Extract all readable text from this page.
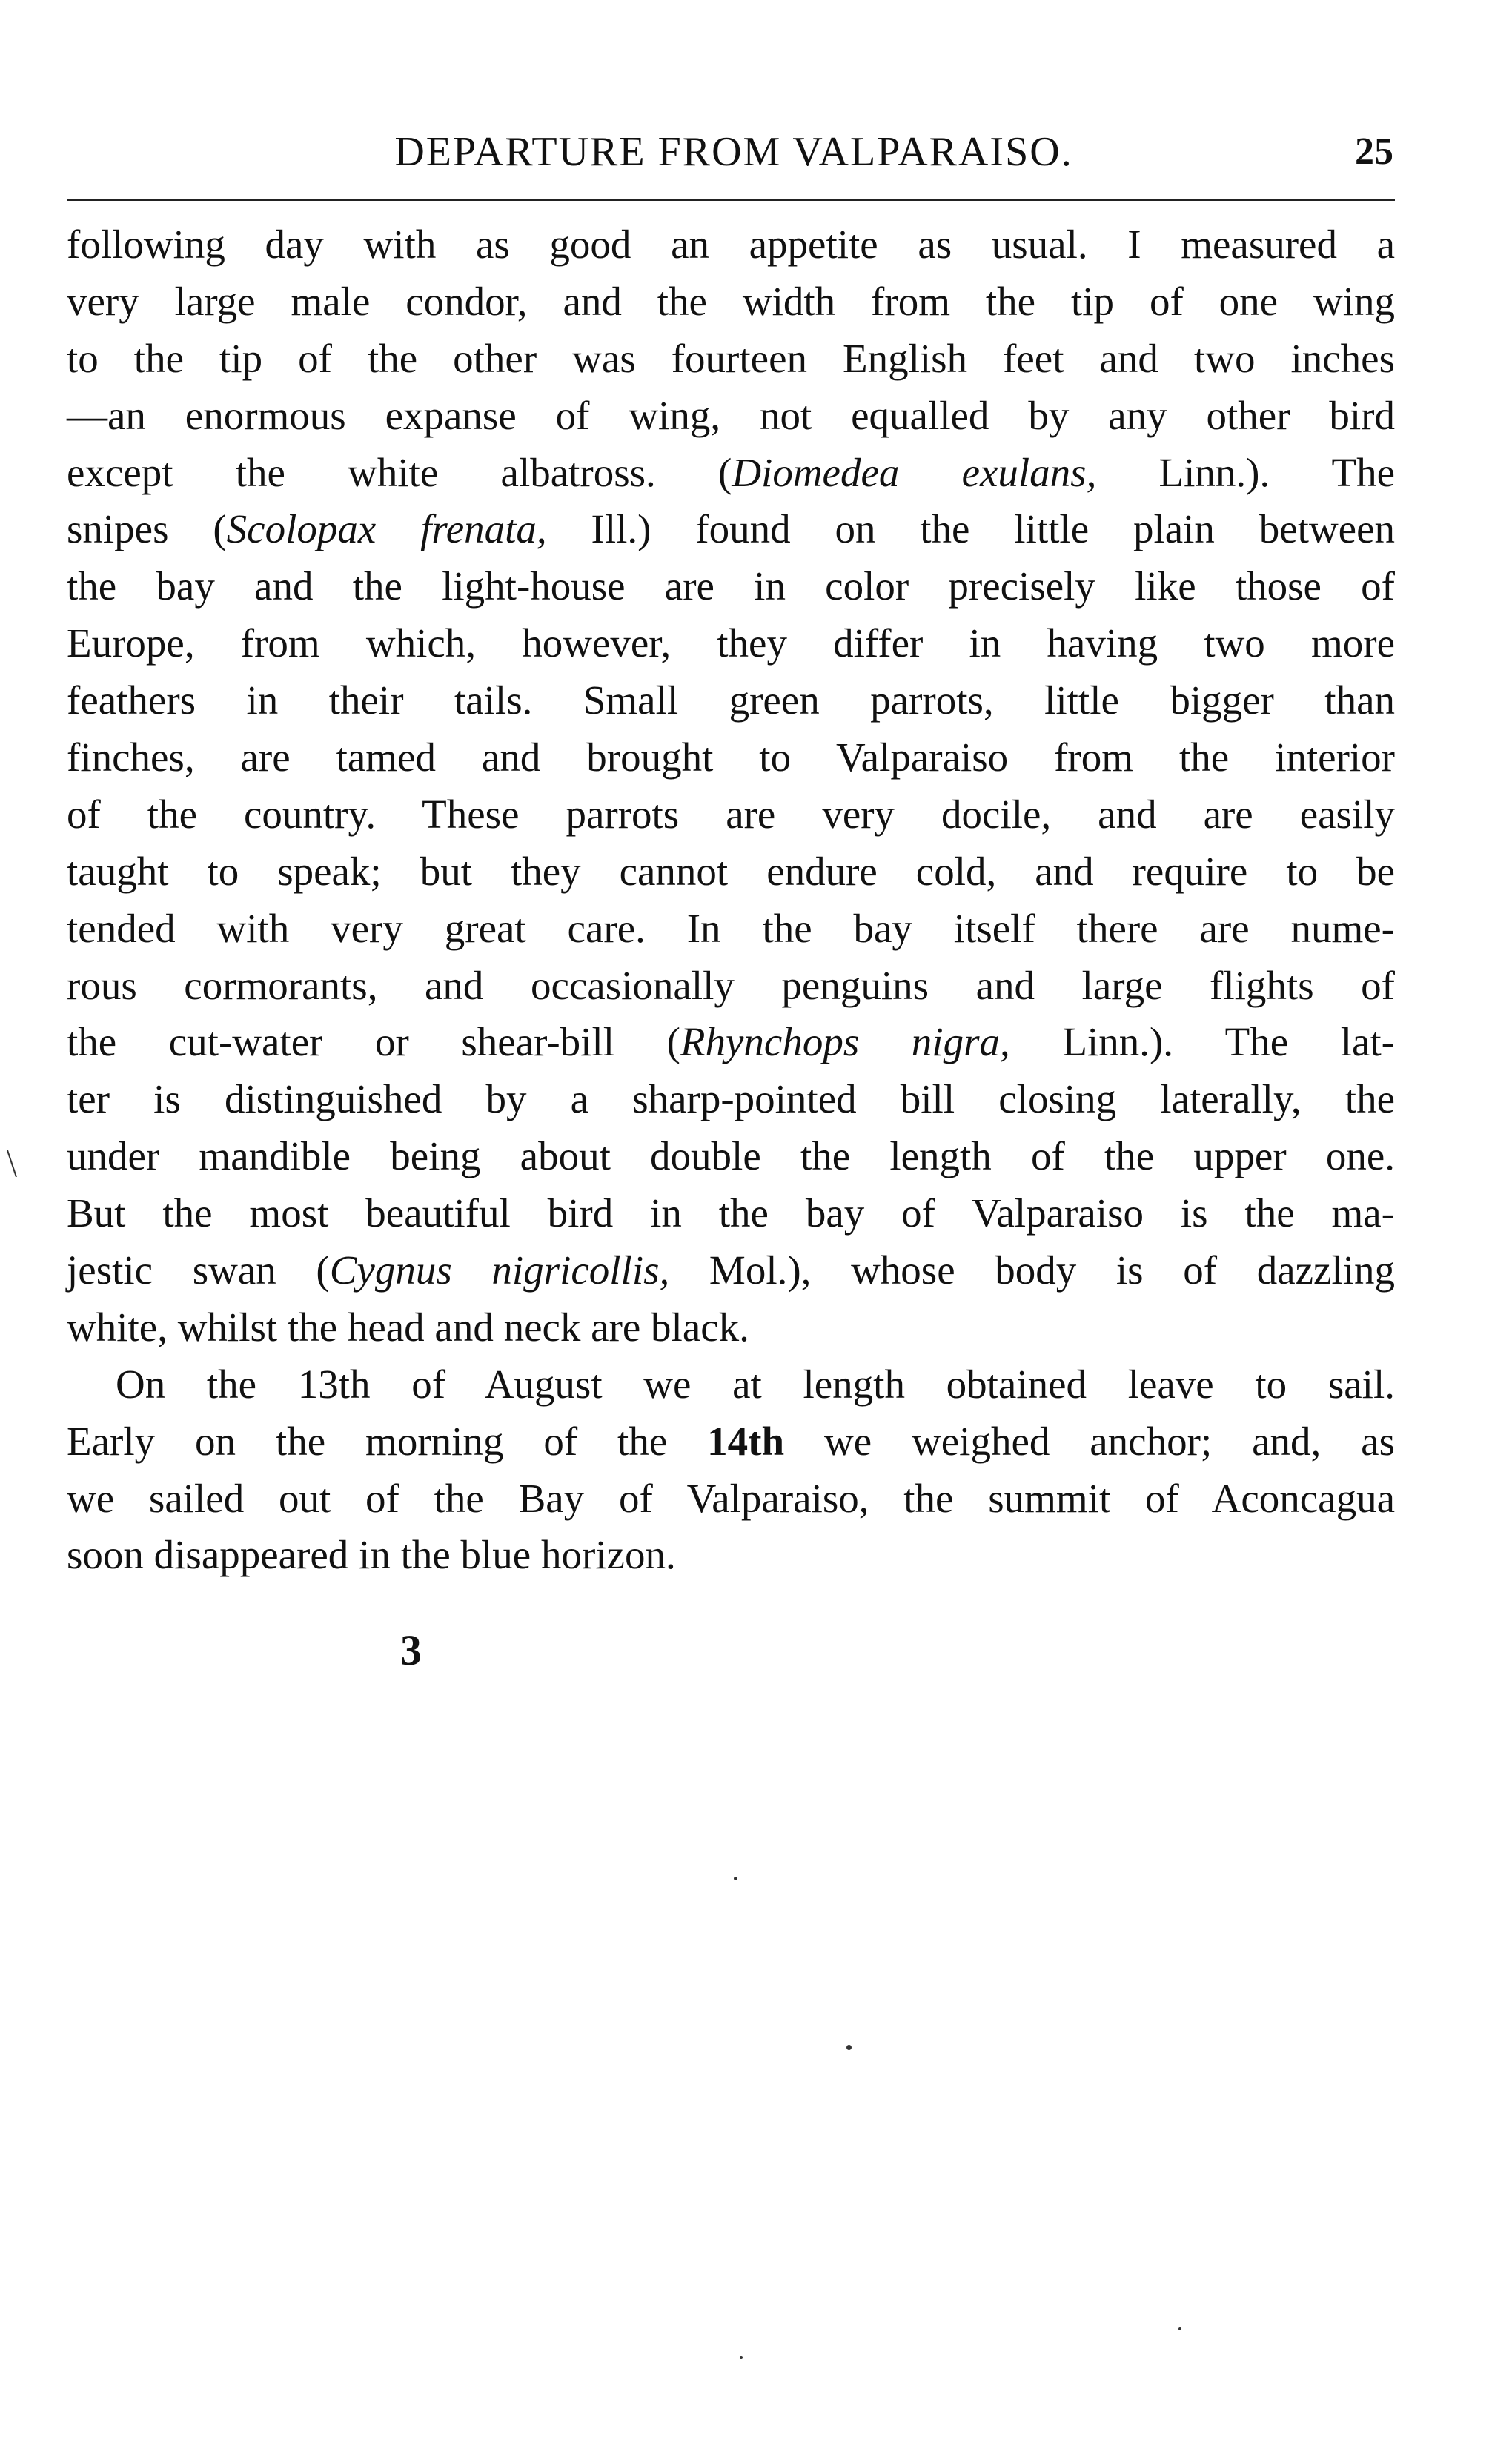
DEPARTURE FROM VALPARAISO.	25
following day with as good an appetite as usual. I measured a
very large male condor, and the width from the tip of one wing
to the tip of the other was fourteen English feet and two inches
—an enormous expanse of wing, not equalled by any other bird
except the white albatross. (Diomedea exulans, Linn.). The
snipes (Scolopax frenata, Ill.) found on the little plain between
the bay and the light-house are in color precisely like those of
Europe, from which, however, they differ in having two more
feathers in their tails. Small green parrots, little bigger than
finches, are tamed and brought to Valparaiso from the interior
of the country. These parrots are very docile, and are easily
taught to speak; but they cannot endure cold, and require to be
tended with very great care. In the bay itself there are nume-
rous cormorants, and occasionally penguins and large flights of
the cut-water or shear-bill (Rhynchops nigra, Linn.). The lat-
ter is distinguished by a sharp-pointed bill closing laterally, the
under mandible being about double the length of the upper one.
But the most beautiful bird in the bay of Valparaiso is the ma-
jestic swan (Cygnus nigricollis, Mol.), whose body is of dazzling
white, whilst the head and neck are black.
On the 13th of August we at length obtained leave to sail.
Early on the morning of the 14th we weighed anchor; and, as
we sailed out of the Bay of Valparaiso, the summit of Aconcagua
soon disappeared in the blue horizon.
3
